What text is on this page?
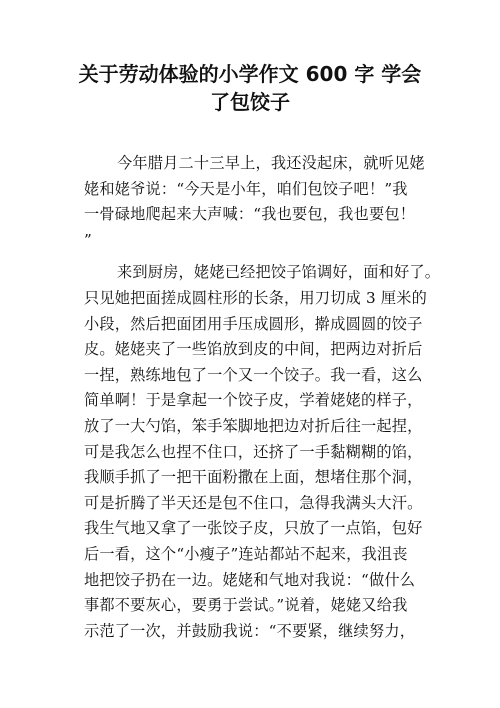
关于劳动体验的小学作文 600 字 学会
了包饺子
今年腊月二十三早上，我还没起床，就听见姥
姥和姥爷说：“今天是小年，咱们包饺子吧！”我
一骨碌地爬起来大声喊：“我也要包，我也要包！
”
来到厨房，姥姥已经把饺子馅调好，面和好了。
只见她把面搓成圆柱形的长条，用刀切成 3 厘米的
小段，然后把面团用手压成圆形，擀成圆圆的饺子
皮。姥姥夹了一些馅放到皮的中间，把两边对折后
一捏，熟练地包了一个又一个饺子。我一看，这么
简单啊！于是拿起一个饺子皮，学着姥姥的样子，
放了一大勺馅，笨手笨脚地把边对折后往一起捏，
可是我怎么也捏不住口，还挤了一手黏糊糊的馅，
我顺手抓了一把干面粉撒在上面，想堵住那个洞，
可是折腾了半天还是包不住口，急得我满头大汗。
我生气地又拿了一张饺子皮，只放了一点馅，包好
后一看，这个“小瘦子”连站都站不起来，我沮丧
地把饺子扔在一边。姥姥和气地对我说：“做什么
事都不要灰心，要勇于尝试。”说着，姥姥又给我
示范了一次，并鼓励我说：“不要紧，继续努力，
